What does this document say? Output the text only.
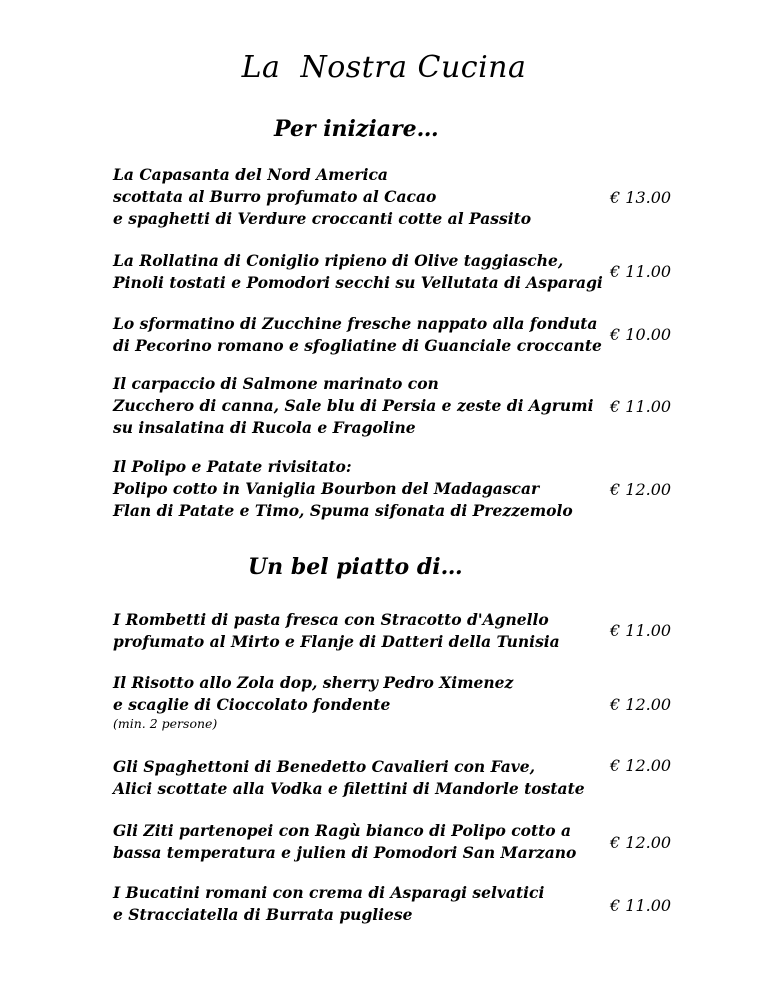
La  Nostra Cucina
Per iniziare…
La Capasanta del Nord America
scottata al Burro profumato al Cacao
e spaghetti di Verdure croccanti cotte al Passito
€ 13.00
La Rollatina di Coniglio ripieno di Olive taggiasche,
Pinoli tostati e Pomodori secchi su Vellutata di Asparagi
€ 11.00
Lo sformatino di Zucchine fresche nappato alla fonduta
di Pecorino romano e sfogliatine di Guanciale croccante
€ 10.00
Il carpaccio di Salmone marinato con
Zucchero di canna, Sale blu di Persia e zeste di Agrumi
su insalatina di Rucola e Fragoline
€ 11.00
Il Polipo e Patate rivisitato:
Polipo cotto in Vaniglia Bourbon del Madagascar
Flan di Patate e Timo, Spuma sifonata di Prezzemolo
€ 12.00
Un bel piatto di…
I Rombetti di pasta fresca con Stracotto d'Agnello
profumato al Mirto e Flanje di Datteri della Tunisia
€ 11.00
Il Risotto allo Zola dop, sherry Pedro Ximenez
e scaglie di Cioccolato fondente
(min. 2 persone)
€ 12.00
Gli Spaghettoni di Benedetto Cavalieri con Fave,
Alici scottate alla Vodka e filettini di Mandorle tostate
€ 12.00
Gli Ziti partenopei con Ragù bianco di Polipo cotto a
bassa temperatura e julien di Pomodori San Marzano
€ 12.00
I Bucatini romani con crema di Asparagi selvatici
e Stracciatella di Burrata pugliese	€ 11.00
